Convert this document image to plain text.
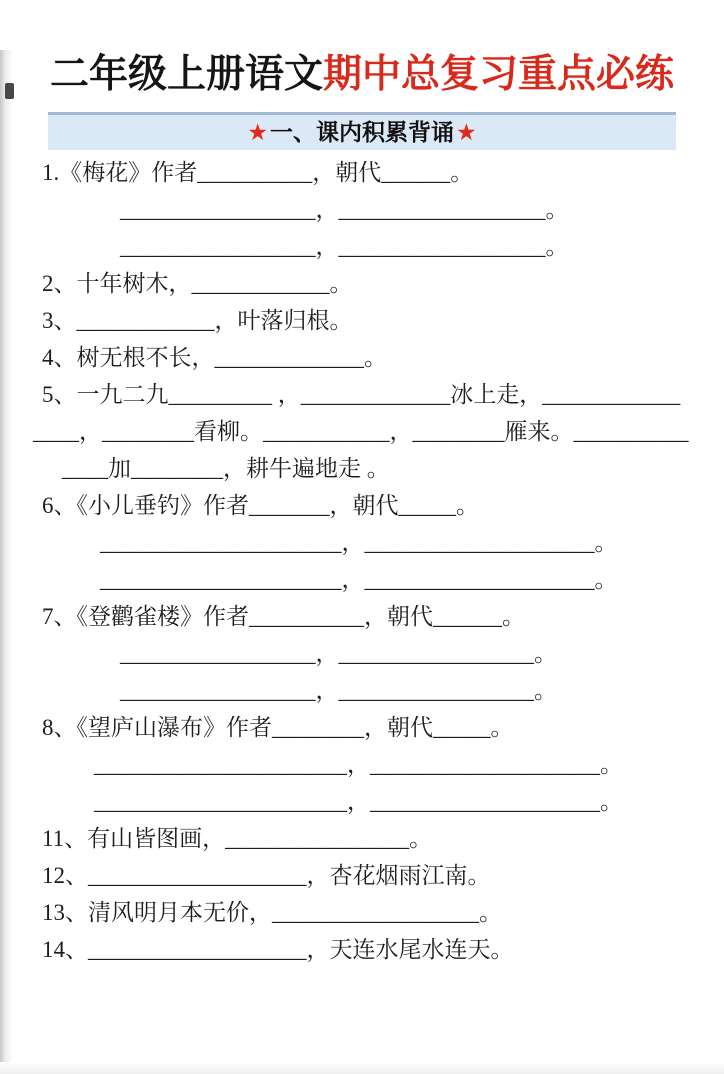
二年级上册语文期中总复习重点必练
★一、课内积累背诵★

1.《梅花》作者__________，朝代______。

_________________，__________________。

_________________，__________________。

2、十年树木，____________。

3、____________，叶落归根。

4、树无根不长，_____________。

5、一九二九_________ ，_____________冰上走，____________

____，________看柳。___________，________雁来。__________

____加________，耕牛遍地走 。

6、《小儿垂钓》作者_______，朝代_____。

_____________________，____________________。

_____________________，____________________。

7、《登鹳雀楼》作者__________，朝代______。

_________________，_________________。

_________________，_________________。

8、《望庐山瀑布》作者________，朝代_____。

______________________，____________________。

______________________，____________________。

11、有山皆图画，________________。

12、___________________，杏花烟雨江南。

13、清风明月本无价，__________________。

14、___________________，天连水尾水连天。
